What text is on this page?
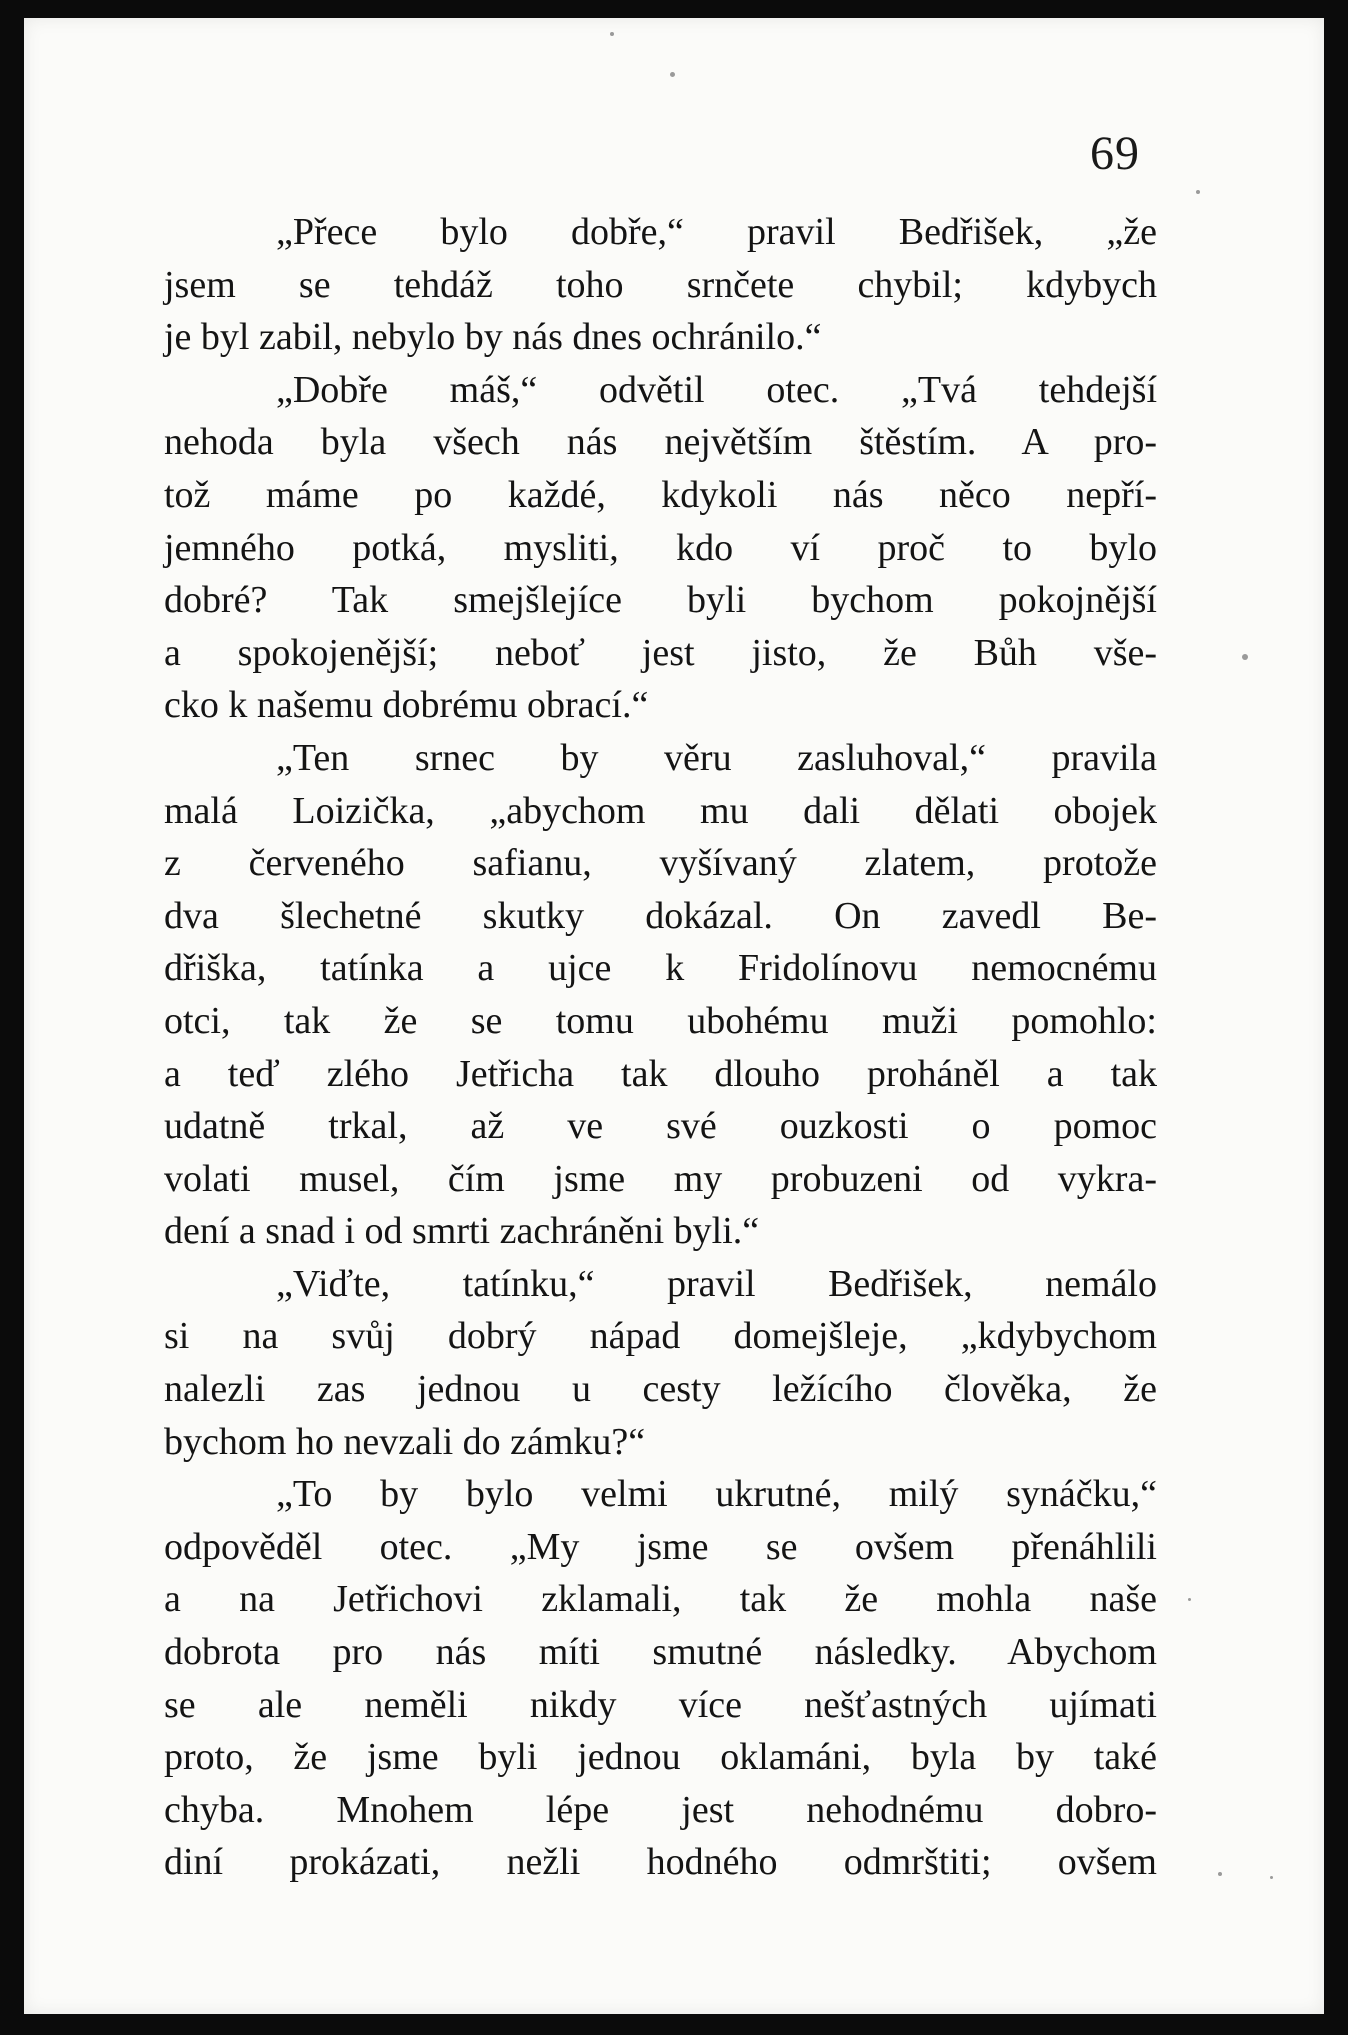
69
„Přece bylo dobře,“ pravil Bedřišek, „že
jsem se tehdáž toho srnčete chybil; kdybych
je byl zabil, nebylo by nás dnes ochránilo.“
„Dobře máš,“ odvětil otec. „Tvá tehdejší
nehoda byla všech nás největším štěstím. A pro-
tož máme po každé, kdykoli nás něco nepří-
jemného potká, mysliti, kdo ví proč to bylo
dobré? Tak smejšlejíce byli bychom pokojnější
a spokojenější; neboť jest jisto, že Bůh vše-
cko k našemu dobrému obrací.“
„Ten srnec by věru zasluhoval,“ pravila
malá Loizička, „abychom mu dali dělati obojek
z červeného safianu, vyšívaný zlatem, protože
dva šlechetné skutky dokázal. On zavedl Be-
dřiška, tatínka a ujce k Fridolínovu nemocnému
otci, tak že se tomu ubohému muži pomohlo:
a teď zlého Jetřicha tak dlouho proháněl a tak
udatně trkal, až ve své ouzkosti o pomoc
volati musel, čím jsme my probuzeni od vykra-
dení a snad i od smrti zachráněni byli.“
„Viďte, tatínku,“ pravil Bedřišek, nemálo
si na svůj dobrý nápad domejšleje, „kdybychom
nalezli zas jednou u cesty ležícího člověka, že
bychom ho nevzali do zámku?“
„To by bylo velmi ukrutné, milý synáčku,“
odpověděl otec. „My jsme se ovšem přenáhlili
a na Jetřichovi zklamali, tak že mohla naše
dobrota pro nás míti smutné následky. Abychom
se ale neměli nikdy více nešťastných ujímati
proto, že jsme byli jednou oklamáni, byla by také
chyba. Mnohem lépe jest nehodnému dobro-
diní prokázati, nežli hodného odmrštiti; ovšem
